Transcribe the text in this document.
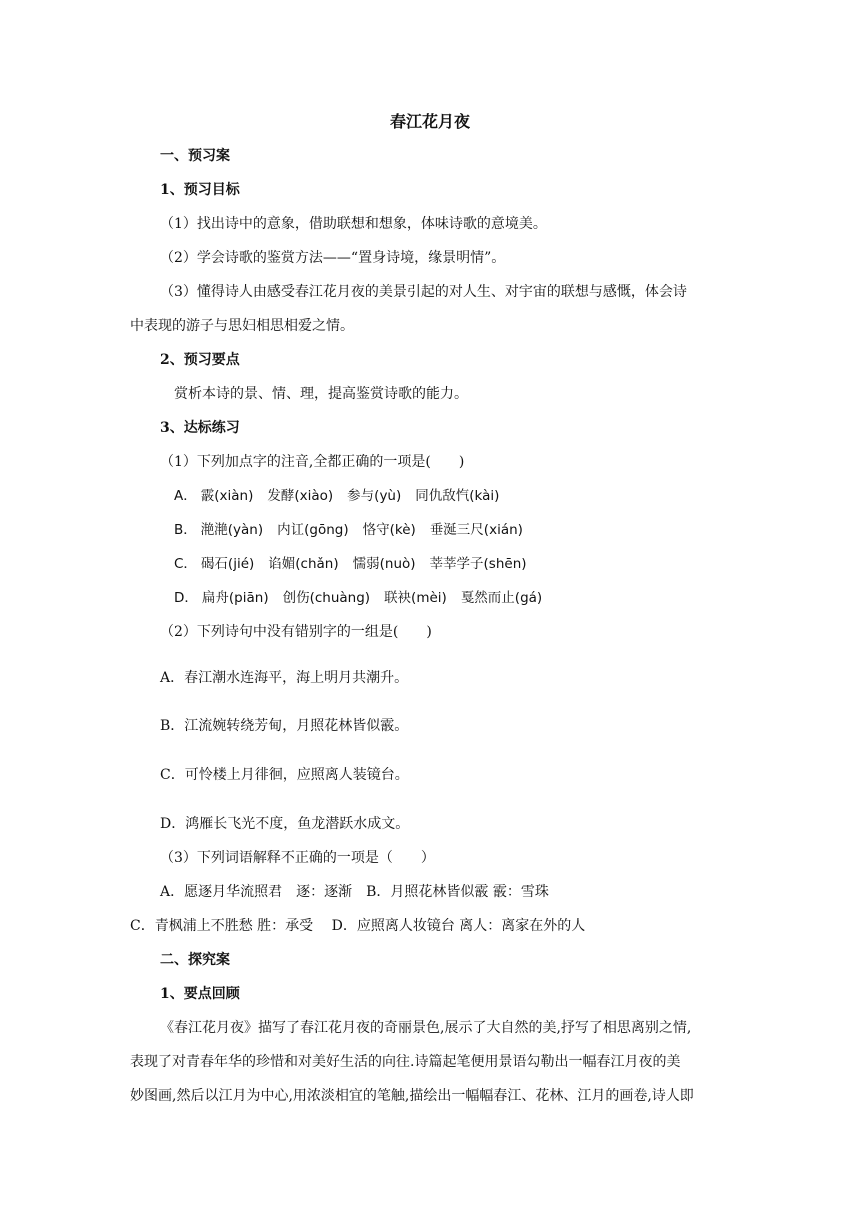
春江花月夜
一、预习案
1、预习目标
（1）找出诗中的意象，借助联想和想象，体味诗歌的意境美。
（2）学会诗歌的鉴赏方法——“置身诗境，缘景明情”。
（3）懂得诗人由感受春江花月夜的美景引起的对人生、对宇宙的联想与感慨，体会诗
中表现的游子与思妇相思相爱之情。
2、预习要点
赏析本诗的景、情、理，提高鉴赏诗歌的能力。
3、达标练习
（1）下列加点字的注音,全都正确的一项是(　　)
A． 霰(xiàn) 发酵(xiào) 参与(yù) 同仇敌忾(kài)
B． 滟滟(yàn) 内讧(gōng) 恪守(kè) 垂涎三尺(xián)
C． 碣石(jié) 谄媚(chǎn) 懦弱(nuò) 莘莘学子(shēn)
D． 扁舟(piān) 创伤(chuàng) 联袂(mèi) 戛然而止(gá)
（2）下列诗句中没有错别字的一组是(　　)
A．春江潮水连海平，海上明月共潮升。
B．江流婉转绕芳甸，月照花林皆似霰。
C．可怜楼上月徘徊，应照离人装镜台。
D．鸿雁长飞光不度，鱼龙潜跃水成文。
（3）下列词语解释不正确的一项是（　　）
A．愿逐月华流照君　逐：逐渐　B．月照花林皆似霰 霰：雪珠
C．青枫浦上不胜愁 胜：承受　 D．应照离人妆镜台 离人：离家在外的人
二、探究案
1、要点回顾
《春江花月夜》描写了春江花月夜的奇丽景色,展示了大自然的美,抒写了相思离别之情,
表现了对青春年华的珍惜和对美好生活的向往.诗篇起笔便用景语勾勒出一幅春江月夜的美
妙图画,然后以江月为中心,用浓淡相宜的笔触,描绘出一幅幅春江、花林、江月的画卷,诗人即
